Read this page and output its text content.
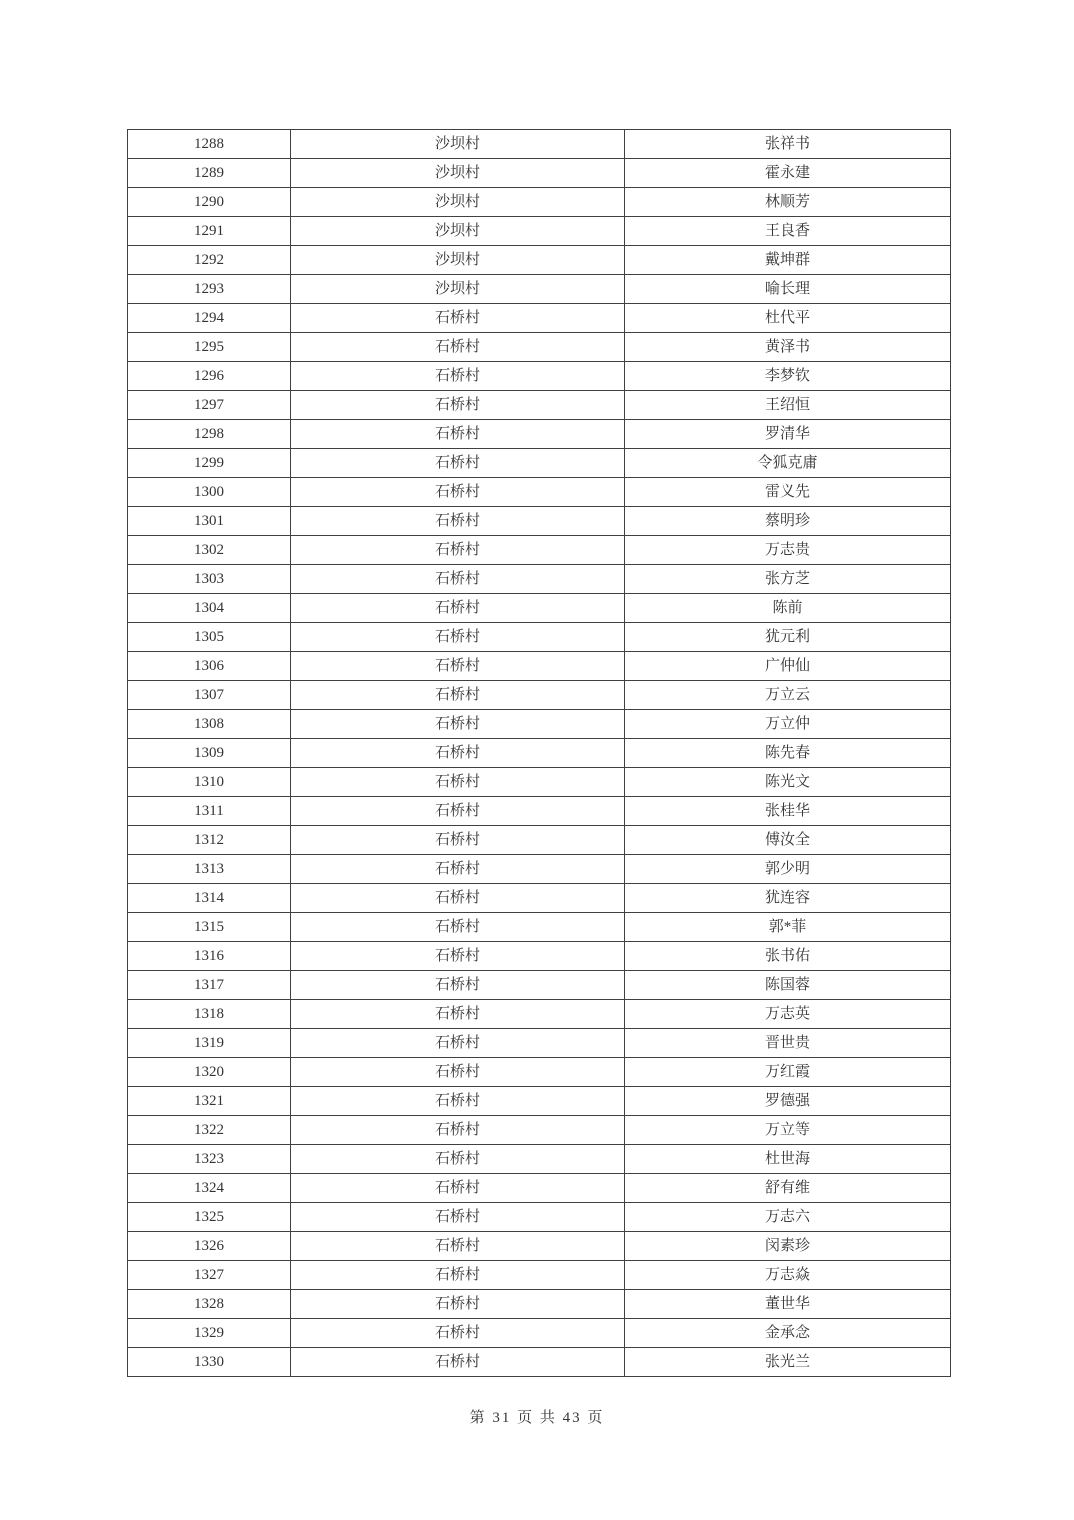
1288	沙坝村	张祥书
1289	沙坝村	霍永建
1290	沙坝村	林顺芳
1291	沙坝村	王良香
1292	沙坝村	戴坤群
1293	沙坝村	喻长理
1294	石桥村	杜代平
1295	石桥村	黄泽书
1296	石桥村	李梦钦
1297	石桥村	王绍恒
1298	石桥村	罗清华
1299	石桥村	令狐克庸
1300	石桥村	雷义先
1301	石桥村	蔡明珍
1302	石桥村	万志贵
1303	石桥村	张方芝
1304	石桥村	陈前
1305	石桥村	犹元利
1306	石桥村	广仲仙
1307	石桥村	万立云
1308	石桥村	万立仲
1309	石桥村	陈先春
1310	石桥村	陈光文
1311	石桥村	张桂华
1312	石桥村	傅汝全
1313	石桥村	郭少明
1314	石桥村	犹连容
1315	石桥村	郭*菲
1316	石桥村	张书佑
1317	石桥村	陈国蓉
1318	石桥村	万志英
1319	石桥村	晋世贵
1320	石桥村	万红霞
1321	石桥村	罗德强
1322	石桥村	万立等
1323	石桥村	杜世海
1324	石桥村	舒有维
1325	石桥村	万志六
1326	石桥村	闵素珍
1327	石桥村	万志焱
1328	石桥村	董世华
1329	石桥村	金承念
1330	石桥村	张光兰
第 31 页 共 43 页
